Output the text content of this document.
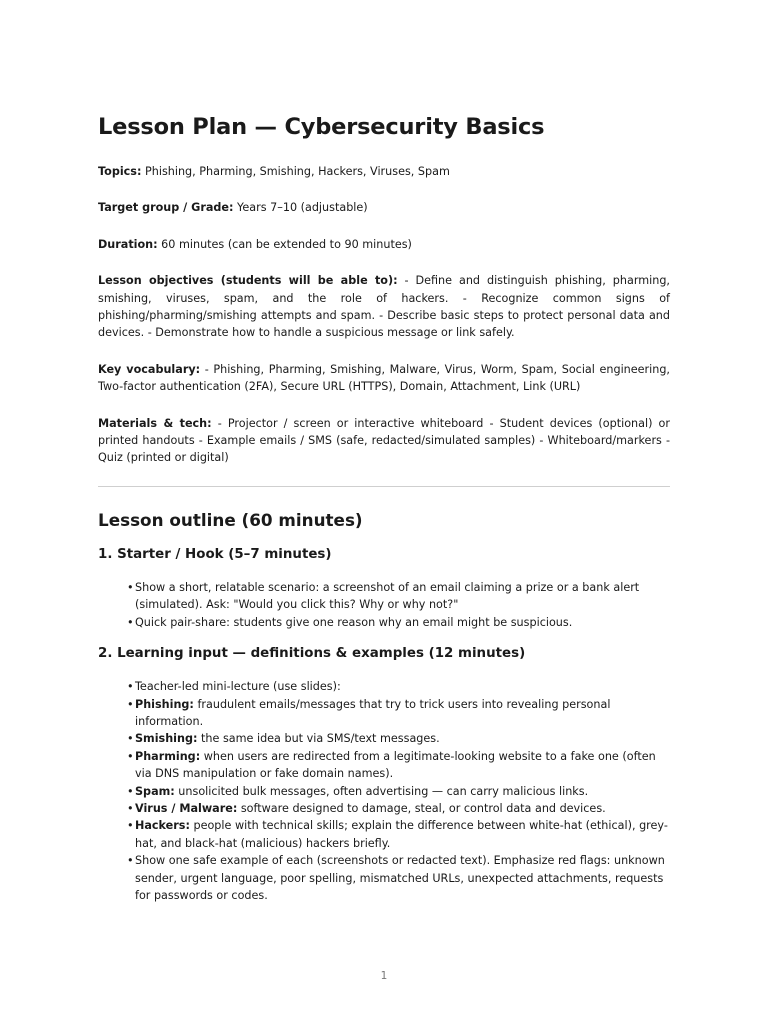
Lesson Plan — Cybersecurity Basics

Topics: Phishing, Pharming, Smishing, Hackers, Viruses, Spam

Target group / Grade: Years 7–10 (adjustable)

Duration: 60 minutes (can be extended to 90 minutes)

Lesson objectives (students will be able to): - Define and distinguish phishing, pharming, smishing, viruses, spam, and the role of hackers. - Recognize common signs of phishing/pharming/smishing attempts and spam. - Describe basic steps to protect personal data and devices. - Demonstrate how to handle a suspicious message or link safely.

Key vocabulary: - Phishing, Pharming, Smishing, Malware, Virus, Worm, Spam, Social engineering, Two-factor authentication (2FA), Secure URL (HTTPS), Domain, Attachment, Link (URL)

Materials & tech: - Projector / screen or interactive whiteboard - Student devices (optional) or printed handouts - Example emails / SMS (safe, redacted/simulated samples) - Whiteboard/markers - Quiz (printed or digital)

Lesson outline (60 minutes)
1. Starter / Hook (5–7 minutes)
• Show a short, relatable scenario: a screenshot of an email claiming a prize or a bank alert (simulated). Ask: "Would you click this? Why or why not?"
• Quick pair-share: students give one reason why an email might be suspicious.
2. Learning input — definitions & examples (12 minutes)
• Teacher-led mini-lecture (use slides):
• Phishing: fraudulent emails/messages that try to trick users into revealing personal information.
• Smishing: the same idea but via SMS/text messages.
• Pharming: when users are redirected from a legitimate-looking website to a fake one (often via DNS manipulation or fake domain names).
• Spam: unsolicited bulk messages, often advertising — can carry malicious links.
• Virus / Malware: software designed to damage, steal, or control data and devices.
• Hackers: people with technical skills; explain the difference between white-hat (ethical), grey-hat, and black-hat (malicious) hackers briefly.
• Show one safe example of each (screenshots or redacted text). Emphasize red flags: unknown sender, urgent language, poor spelling, mismatched URLs, unexpected attachments, requests for passwords or codes.
1
